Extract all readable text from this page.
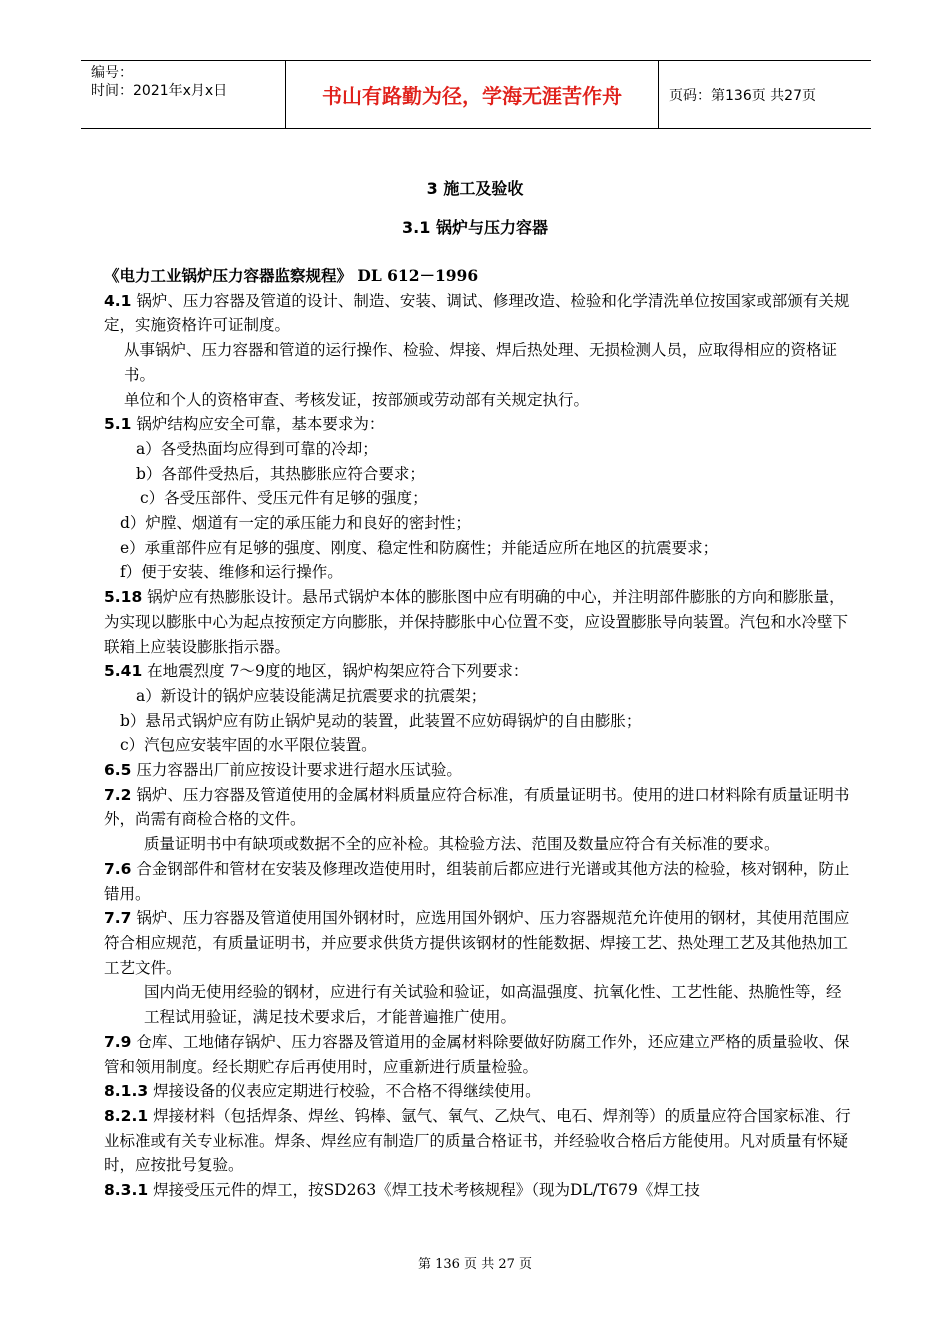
编号：
时间：2021年x月x日	书山有路勤为径，学海无涯苦作舟	页码：第136页 共27页
3 施工及验收
3.1 锅炉与压力容器

《电力工业锅炉压力容器监察规程》 DL 612－1996

4.1 锅炉、压力容器及管道的设计、制造、安装、调试、修理改造、检验和化学清洗单位按国家或部颁有关规定，实施资格许可证制度。

从事锅炉、压力容器和管道的运行操作、检验、焊接、焊后热处理、无损检测人员，应取得相应的资格证书。

单位和个人的资格审查、考核发证，按部颁或劳动部有关规定执行。

5.1 锅炉结构应安全可靠，基本要求为：

a）各受热面均应得到可靠的冷却；

b）各部件受热后，其热膨胀应符合要求；

c）各受压部件、受压元件有足够的强度；

d）炉膛、烟道有一定的承压能力和良好的密封性；

e）承重部件应有足够的强度、刚度、稳定性和防腐性；并能适应所在地区的抗震要求；

f）便于安装、维修和运行操作。

5.18 锅炉应有热膨胀设计。悬吊式锅炉本体的膨胀图中应有明确的中心，并注明部件膨胀的方向和膨胀量，为实现以膨胀中心为起点按预定方向膨胀，并保持膨胀中心位置不变，应设置膨胀导向装置。汽包和水冷壁下联箱上应装设膨胀指示器。

5.41 在地震烈度 7～9度的地区，锅炉构架应符合下列要求：

a）新设计的锅炉应装设能满足抗震要求的抗震架；

b）悬吊式锅炉应有防止锅炉晃动的装置，此装置不应妨碍锅炉的自由膨胀；

c）汽包应安装牢固的水平限位装置。

6.5 压力容器出厂前应按设计要求进行超水压试验。

7.2 锅炉、压力容器及管道使用的金属材料质量应符合标准，有质量证明书。使用的进口材料除有质量证明书外，尚需有商检合格的文件。

质量证明书中有缺项或数据不全的应补检。其检验方法、范围及数量应符合有关标准的要求。

7.6 合金钢部件和管材在安装及修理改造使用时，组装前后都应进行光谱或其他方法的检验，核对钢种，防止错用。

7.7 锅炉、压力容器及管道使用国外钢材时，应选用国外钢炉、压力容器规范允许使用的钢材，其使用范围应符合相应规范，有质量证明书，并应要求供货方提供该钢材的性能数据、焊接工艺、热处理工艺及其他热加工工艺文件。

国内尚无使用经验的钢材，应进行有关试验和验证，如高温强度、抗氧化性、工艺性能、热脆性等，经工程试用验证，满足技术要求后，才能普遍推广使用。

7.9 仓库、工地储存锅炉、压力容器及管道用的金属材料除要做好防腐工作外，还应建立严格的质量验收、保管和领用制度。经长期贮存后再使用时，应重新进行质量检验。

8.1.3 焊接设备的仪表应定期进行校验，不合格不得继续使用。

8.2.1 焊接材料（包括焊条、焊丝、钨棒、氩气、氧气、乙炔气、电石、焊剂等）的质量应符合国家标准、行业标准或有关专业标准。焊条、焊丝应有制造厂的质量合格证书，并经验收合格后方能使用。凡对质量有怀疑时，应按批号复验。

8.3.1 焊接受压元件的焊工，按SD263《焊工技术考核规程》（现为DL/T679《焊工技

第 136 页 共 27 页
